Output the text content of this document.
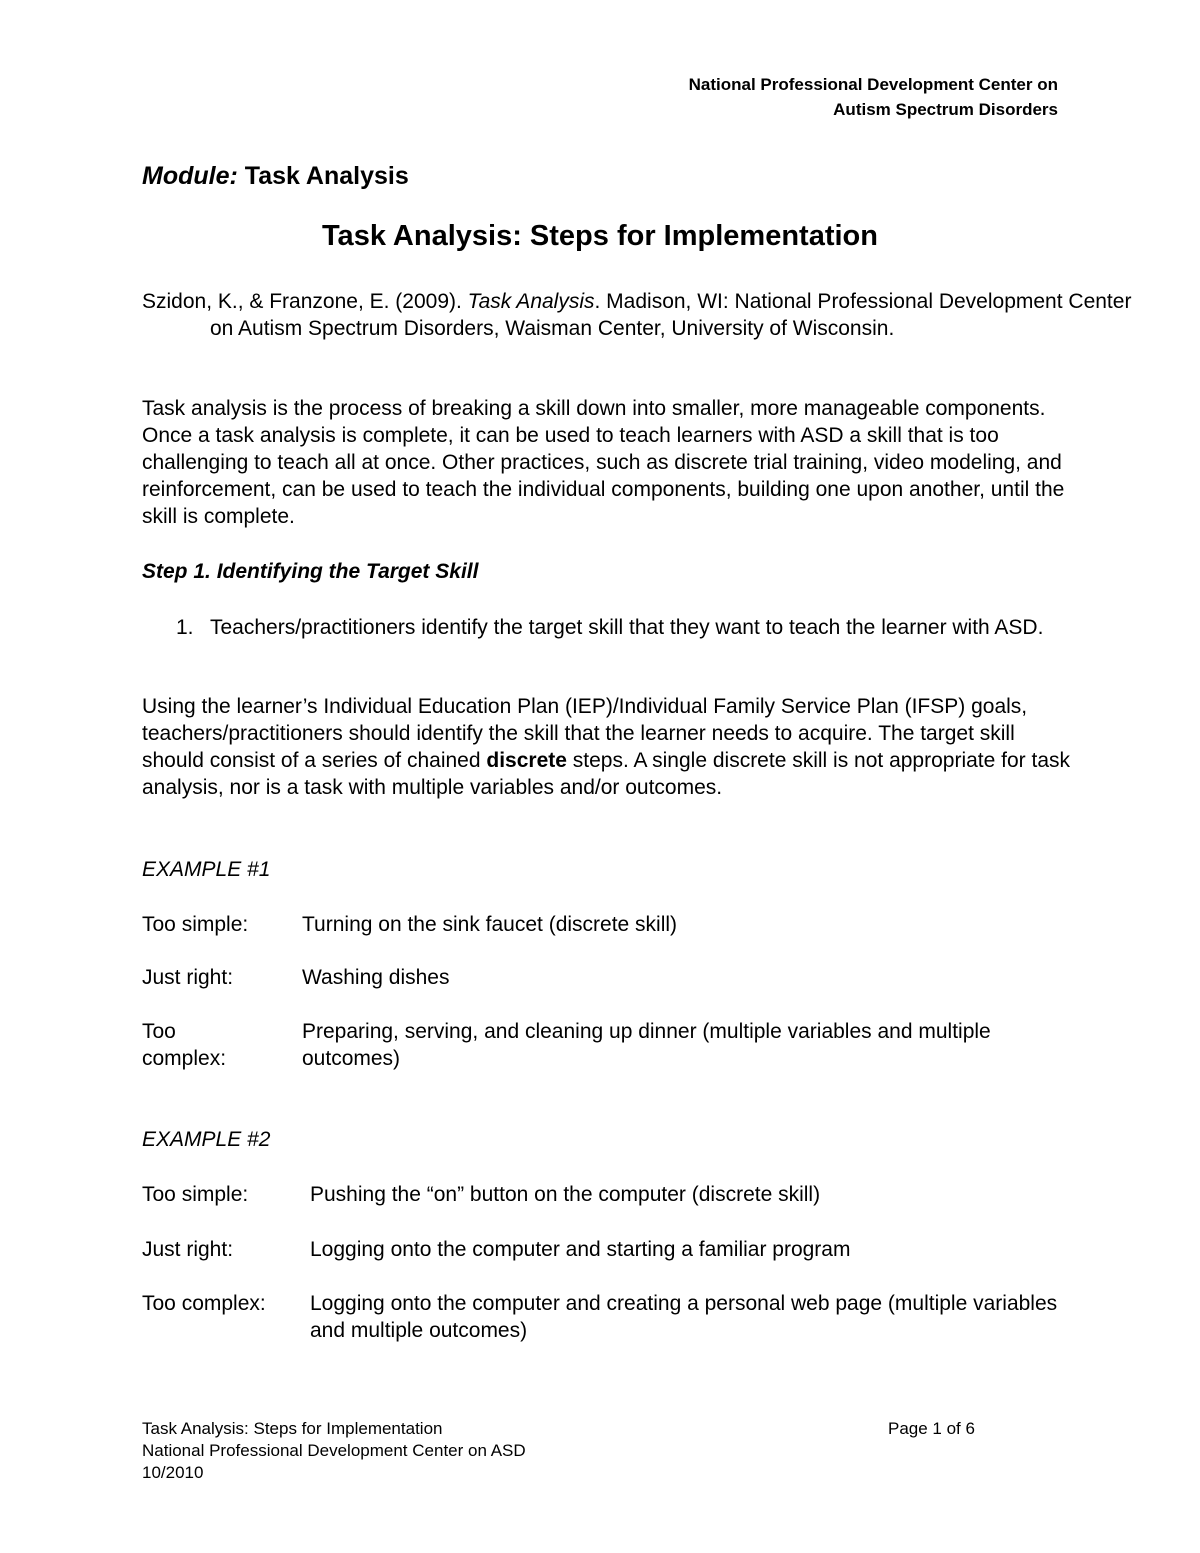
National Professional Development Center on
Autism Spectrum Disorders
Module: Task Analysis
Task Analysis: Steps for Implementation

Szidon, K., & Franzone, E. (2009). Task Analysis. Madison, WI: National Professional Development Center on Autism Spectrum Disorders, Waisman Center, University of Wisconsin.

Task analysis is the process of breaking a skill down into smaller, more manageable components. Once a task analysis is complete, it can be used to teach learners with ASD a skill that is too challenging to teach all at once. Other practices, such as discrete trial training, video modeling, and reinforcement, can be used to teach the individual components, building one upon another, until the skill is complete.

Step 1. Identifying the Target Skill
1. Teachers/practitioners identify the target skill that they want to teach the learner with ASD.

Using the learner’s Individual Education Plan (IEP)/Individual Family Service Plan (IFSP) goals, teachers/practitioners should identify the skill that the learner needs to acquire. The target skill should consist of a series of chained discrete steps. A single discrete skill is not appropriate for task analysis, nor is a task with multiple variables and/or outcomes.

EXAMPLE #1
Too simple:	Turning on the sink faucet (discrete skill)
Just right:	Washing dishes
Too complex:
Preparing, serving, and cleaning up dinner (multiple variables and multiple outcomes)
EXAMPLE #2
Too simple:	Pushing the “on” button on the computer (discrete skill)
Just right:	Logging onto the computer and starting a familiar program
Too complex: Logging onto the computer and creating a personal web page (multiple variables and multiple outcomes)
Task Analysis: Steps for Implementation
National Professional Development Center on ASD
10/2010
Page 1 of 6
